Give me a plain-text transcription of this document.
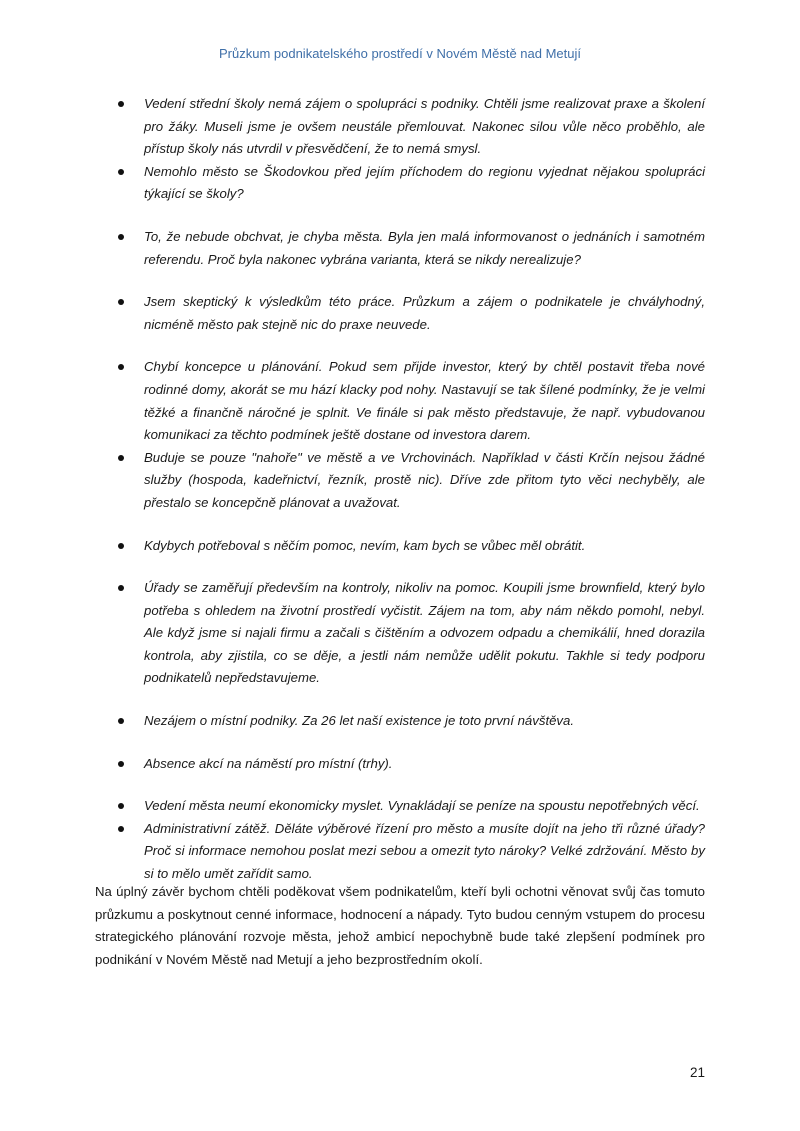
Průzkum podnikatelského prostředí v Novém Městě nad Metují
Vedení střední školy nemá zájem o spolupráci s podniky. Chtěli jsme realizovat praxe a školení pro žáky. Museli jsme je ovšem neustále přemlouvat. Nakonec silou vůle něco proběhlo, ale přístup školy nás utvrdil v přesvědčení, že to nemá smysl.
Nemohlo město se Škodovkou před jejím příchodem do regionu vyjednat nějakou spolupráci týkající se školy?
To, že nebude obchvat, je chyba města. Byla jen malá informovanost o jednáních i samotném referendu. Proč byla nakonec vybrána varianta, která se nikdy nerealizuje?
Jsem skeptický k výsledkům této práce. Průzkum a zájem o podnikatele je chvályhodný, nicméně město pak stejně nic do praxe neuvede.
Chybí koncepce u plánování. Pokud sem přijde investor, který by chtěl postavit třeba nové rodinné domy, akorát se mu hází klacky pod nohy. Nastavují se tak šílené podmínky, že je velmi těžké a finančně náročné je splnit. Ve finále si pak město představuje, že např. vybudovanou komunikaci za těchto podmínek ještě dostane od investora darem.
Buduje se pouze "nahoře" ve městě a ve Vrchovinách. Například v části Krčín nejsou žádné služby (hospoda, kadeřnictví, řezník, prostě nic). Dříve zde přitom tyto věci nechyběly, ale přestalo se koncepčně plánovat a uvažovat.
Kdybych potřeboval s něčím pomoc, nevím, kam bych se vůbec měl obrátit.
Úřady se zaměřují především na kontroly, nikoliv na pomoc. Koupili jsme brownfield, který bylo potřeba s ohledem na životní prostředí vyčistit. Zájem na tom, aby nám někdo pomohl, nebyl. Ale když jsme si najali firmu a začali s čištěním a odvozem odpadu a chemikálií, hned dorazila kontrola, aby zjistila, co se děje, a jestli nám nemůže udělit pokutu. Takhle si tedy podporu podnikatelů nepředstavujeme.
Nezájem o místní podniky. Za 26 let naší existence je toto první návštěva.
Absence akcí na náměstí pro místní (trhy).
Vedení města neumí ekonomicky myslet. Vynakládají se peníze na spoustu nepotřebných věcí.
Administrativní zátěž. Děláte výběrové řízení pro město a musíte dojít na jeho tři různé úřady? Proč si informace nemohou poslat mezi sebou a omezit tyto nároky? Velké zdržování. Město by si to mělo umět zařídit samo.

Na úplný závěr bychom chtěli poděkovat všem podnikatelům, kteří byli ochotni věnovat svůj čas tomuto průzkumu a poskytnout cenné informace, hodnocení a nápady. Tyto budou cenným vstupem do procesu strategického plánování rozvoje města, jehož ambicí nepochybně bude také zlepšení podmínek pro podnikání v Novém Městě nad Metují a jeho bezprostředním okolí.

21
